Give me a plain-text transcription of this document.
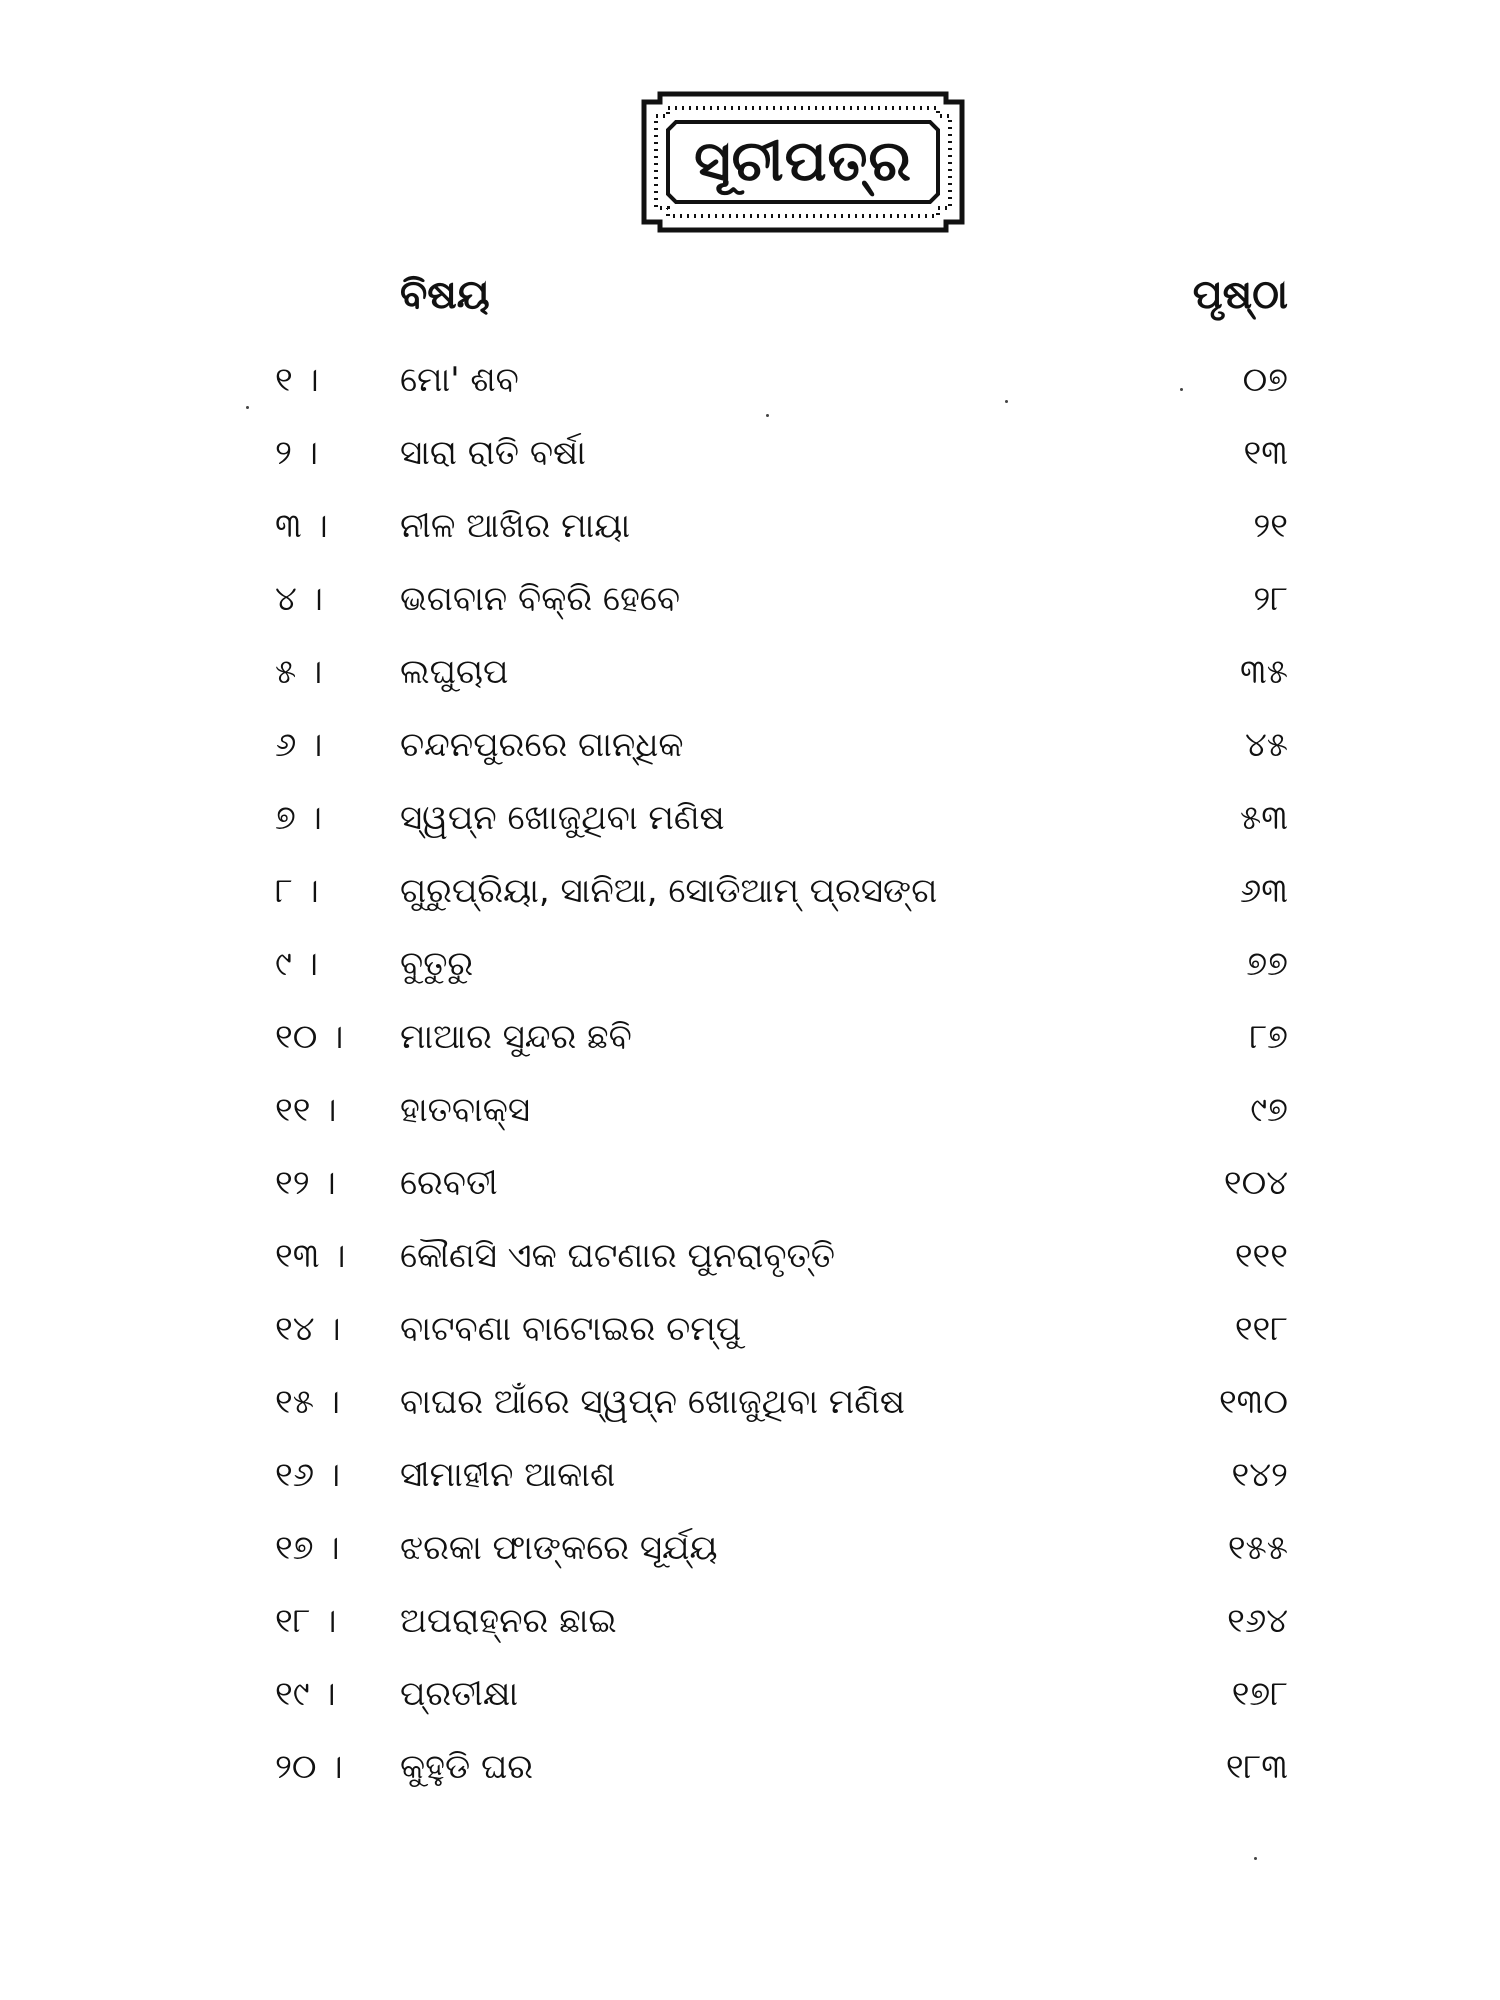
ସୂଚୀପତ୍ର
ବିଷୟ	ପୃଷ୍ଠା
୧ ।	ମୋ' ଶବ	୦୭
୨ ।	ସାରା ରାତି ବର୍ଷା	୧୩
୩ ।	ନୀଳ ଆଖିର ମାୟା	୨୧
୪ ।	ଭଗବାନ ବିକ୍ରି ହେବେ	୨୮
୫ ।	ଲଘୁଚାପ	୩୫
୬ ।	ଚନ୍ଦନପୁରରେ ଗାନ୍ଧିକ	୪୫
୭ ।	ସ୍ୱପ୍ନ ଖୋଜୁଥିବା ମଣିଷ	୫୩
୮ ।	ଗୁରୁପ୍ରିୟା, ସାନିଆ, ସୋଡିଆମ୍ ପ୍ରସଙ୍ଗ	୬୩
୯ ।	ବୁତୁରୁ	୭୭
୧୦ । ମାଆର ସୁନ୍ଦର ଛବି	୮୭
୧୧ । ହାତବାକ୍ସ	୯୭
୧୨ । ରେବତୀ	୧୦୪
୧୩ । କୌଣସି ଏକ ଘଟଣାର ପୁନରାବୃତ୍ତି	୧୧୧
୧୪ । ବାଟବଣା ବାଟୋଇର ଚମ୍ପୁ	୧୧୮
୧୫ । ବାଘର ଆଁରେ ସ୍ୱପ୍ନ ଖୋଜୁଥିବା ମଣିଷ	୧୩୦
୧୬ । ସୀମାହୀନ ଆକାଶ	୧୪୨
୧୭ । ଝରକା ଫାଙ୍କରେ ସୂର୍ଯ୍ୟ	୧୫୫
୧୮ । ଅପରାହ୍ନର ଛାଇ	୧୬୪
୧୯ । ପ୍ରତୀକ୍ଷା	୧୭୮
୨୦ । କୁହୁଡି ଘର	୧୮୩
